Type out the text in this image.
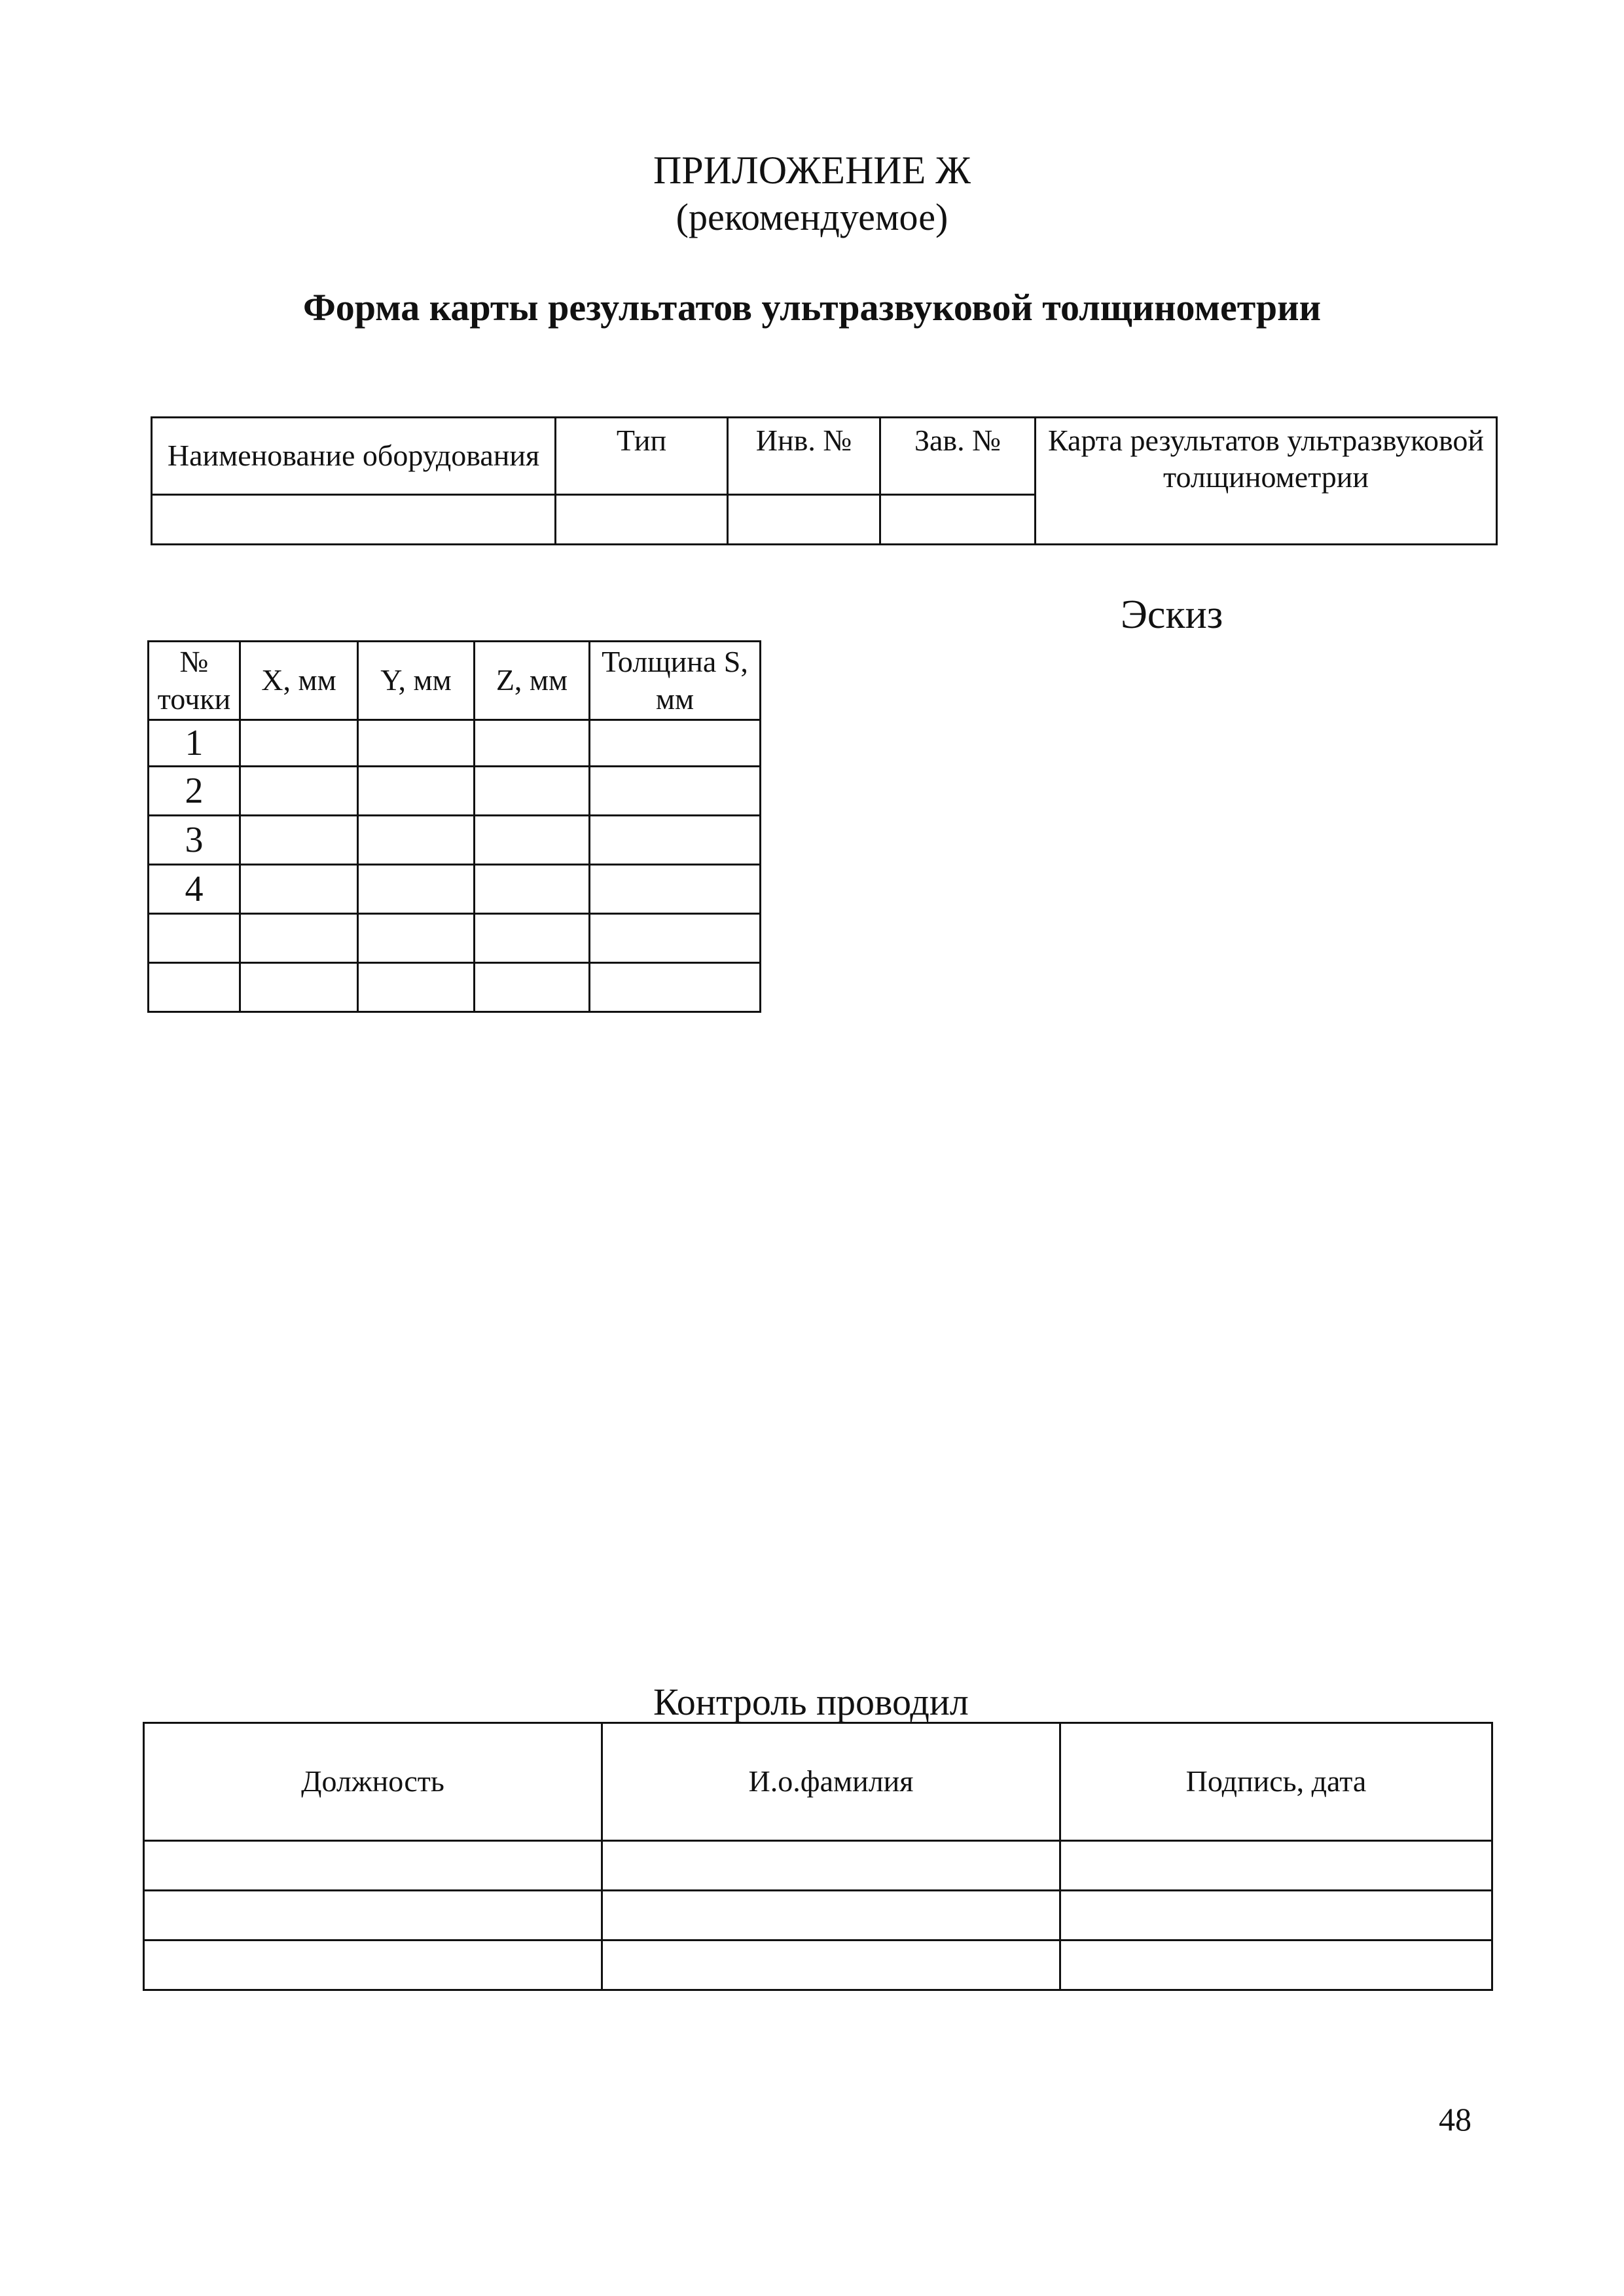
ПРИЛОЖЕНИЕ Ж
(рекомендуемое)
Форма карты результатов ультразвуковой толщинометрии
Наименование оборудования	Тип	Инв. №	Зав. №	Карта результатов ультразвуковой толщинометрии

Эскиз
№ точки	X, мм	Y, мм	Z, мм	Толщина S, мм
1				
2				
3				
4				

Контроль проводил
Должность	И.о.фамилия	Подпись, дата

48
